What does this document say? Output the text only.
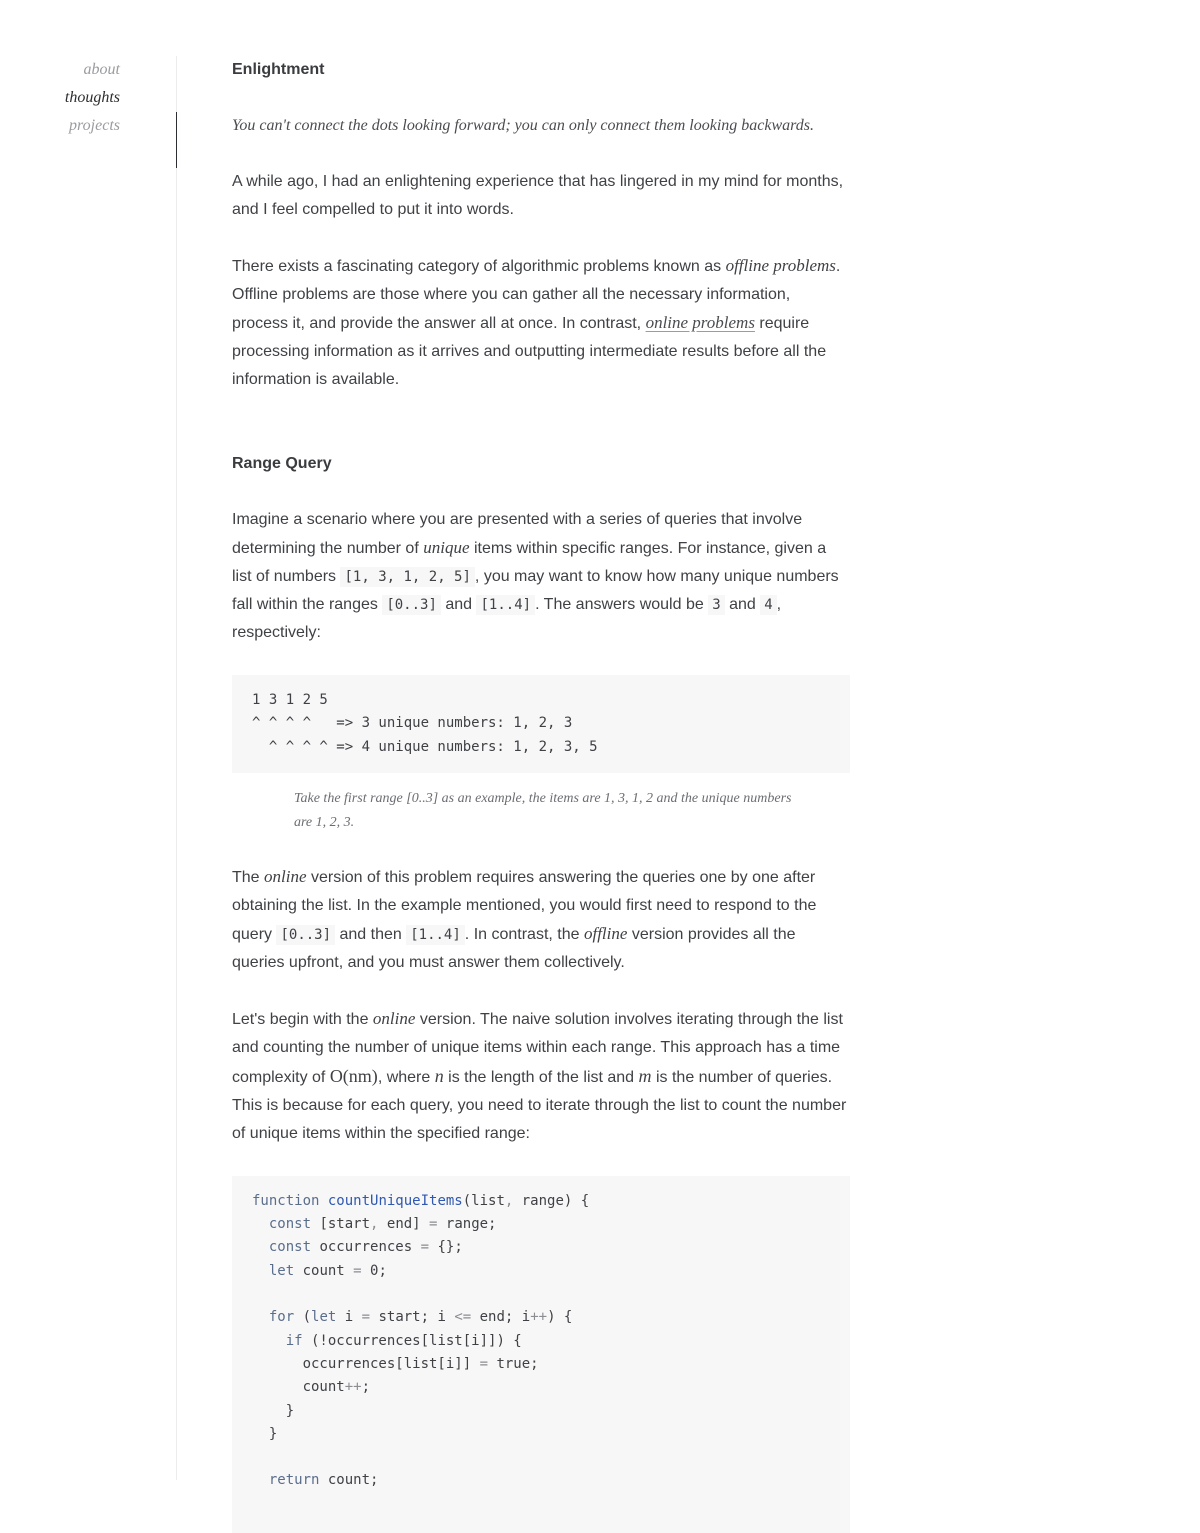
about
thoughts
projects
Enlightment

You can't connect the dots looking forward; you can only connect them looking backwards.

A while ago, I had an enlightening experience that has lingered in my mind for months, and I feel compelled to put it into words.

There exists a fascinating category of algorithmic problems known as offline problems. Offline problems are those where you can gather all the necessary information, process it, and provide the answer all at once. In contrast, online problems require processing information as it arrives and outputting intermediate results before all the information is available.

Range Query

Imagine a scenario where you are presented with a series of queries that involve determining the number of unique items within specific ranges. For instance, given a list of numbers [1, 3, 1, 2, 5] , you may want to know how many unique numbers fall within the ranges [0..3] and [1..4] . The answers would be 3 and 4 , respectively:

1 3 1 2 5
^ ^ ^ ^   => 3 unique numbers: 1, 2, 3
^ ^ ^ ^ => 4 unique numbers: 1, 2, 3, 5

Take the first range [0..3] as an example, the items are 1, 3, 1, 2 and the unique numbers are 1, 2, 3.

The online version of this problem requires answering the queries one by one after obtaining the list. In the example mentioned, you would first need to respond to the query [0..3] and then [1..4] . In contrast, the offline version provides all the queries upfront, and you must answer them collectively.

Let's begin with the online version. The naive solution involves iterating through the list and counting the number of unique items within each range. This approach has a time complexity of O(nm), where n is the length of the list and m is the number of queries. This is because for each query, you need to iterate through the list to count the number of unique items within the specified range:

function countUniqueItems(list, range) {
const [start, end] = range;
const occurrences = {};
let count = 0;

for (let i = start; i <= end; i++) {
if (!occurrences[list[i]]) {
occurrences[list[i]] = true;
count++;
}
}

return count;
